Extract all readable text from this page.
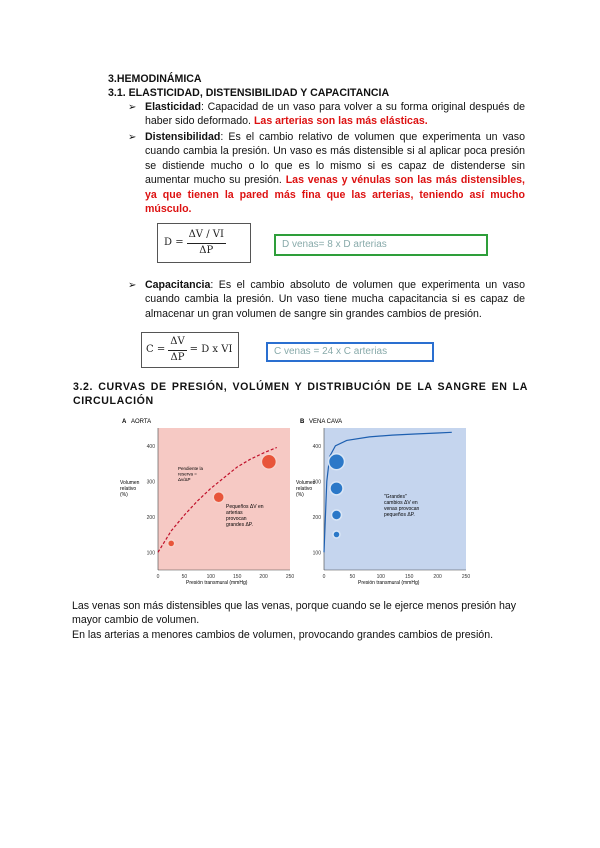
3.HEMODINÁMICA
3.1. ELASTICIDAD, DISTENSIBILIDAD Y CAPACITANCIA
➢ Elasticidad: Capacidad de un vaso para volver a su forma original después de haber sido deformado. Las arterias son las más elásticas.
➢ Distensibilidad: Es el cambio relativo de volumen que experimenta un vaso cuando cambia la presión. Un vaso es más distensible si al aplicar poca presión se distiende mucho o lo que es lo mismo si es capaz de distenderse sin aumentar mucho su presión. Las venas y vénulas son las más distensibles, ya que tienen la pared más fina que las arterias, teniendo así mucho músculo.
$D = \frac{\Delta V / VI}{\Delta P}$	D venas= 8 x D arterias
➢ Capacitancia: Es el cambio absoluto de volumen que experimenta un vaso cuando cambia la presión. Un vaso tiene mucha capacitancia si es capaz de almacenar un gran volumen de sangre sin grandes cambios de presión.
$C = \frac{\Delta V}{\Delta P} = D$ x VI	C venas = 24 x C arterias
3.2. CURVAS DE PRESIÓN, VOLÚMEN Y DISTRIBUCIÓN DE LA SANGRE EN LA CIRCULACIÓN
A AORTA
0	50	100	150	200	250
100
200
300
400
Volumen relativo (%)
Presión transmural (mmHg)
Pendiente la reserva = Δv/ΔP
Pequeños ΔV en arterias provocan grandes ΔP.
B VENA CAVA
0	50	100	150	200	250
100
200
300
400
Volumen relativo (%)
Presión transmural (mmHg)
"Grandes" cambios ΔV en venas provocan pequeños ΔP.
Las venas son más distensibles que las venas, porque cuando se le ejerce menos presión hay mayor cambio de volumen.
En las arterias a menores cambios de volumen, provocando grandes cambios de presión.
